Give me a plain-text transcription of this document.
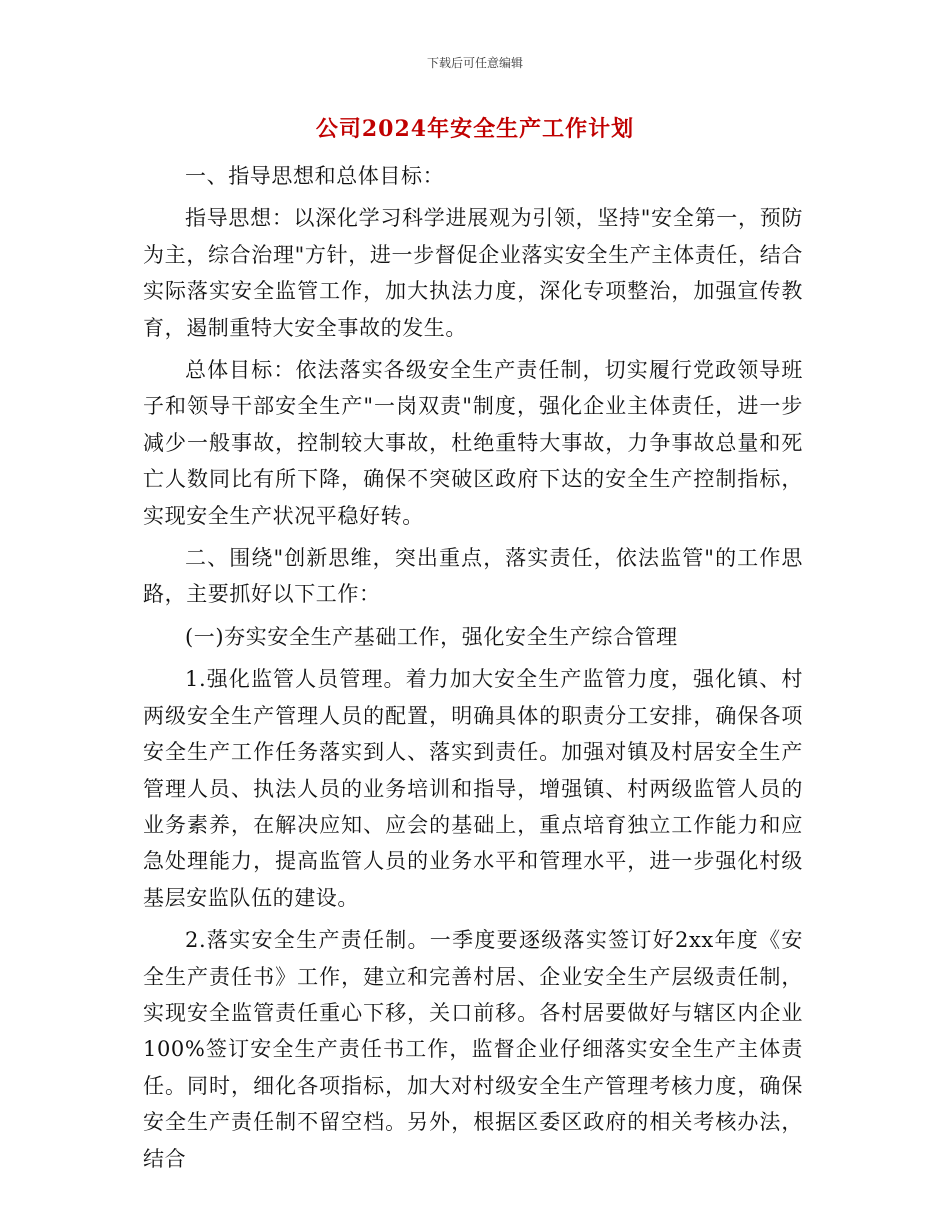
下载后可任意编辑
公司2024年安全生产工作计划

一、指导思想和总体目标：

指导思想：以深化学习科学进展观为引领，坚持"安全第一，预防为主，综合治理"方针，进一步督促企业落实安全生产主体责任，结合实际落实安全监管工作，加大执法力度，深化专项整治，加强宣传教育，遏制重特大安全事故的发生。

总体目标：依法落实各级安全生产责任制，切实履行党政领导班子和领导干部安全生产"一岗双责"制度，强化企业主体责任，进一步减少一般事故，控制较大事故，杜绝重特大事故，力争事故总量和死亡人数同比有所下降，确保不突破区政府下达的安全生产控制指标，实现安全生产状况平稳好转。

二、围绕"创新思维，突出重点，落实责任，依法监管"的工作思路，主要抓好以下工作：

(一)夯实安全生产基础工作，强化安全生产综合管理

1.强化监管人员管理。着力加大安全生产监管力度，强化镇、村两级安全生产管理人员的配置，明确具体的职责分工安排，确保各项安全生产工作任务落实到人、落实到责任。加强对镇及村居安全生产管理人员、执法人员的业务培训和指导，增强镇、村两级监管人员的业务素养，在解决应知、应会的基础上，重点培育独立工作能力和应急处理能力，提高监管人员的业务水平和管理水平，进一步强化村级基层安监队伍的建设。

2.落实安全生产责任制。一季度要逐级落实签订好2xx年度《安全生产责任书》工作，建立和完善村居、企业安全生产层级责任制，实现安全监管责任重心下移，关口前移。各村居要做好与辖区内企业100%签订安全生产责任书工作，监督企业仔细落实安全生产主体责任。同时，细化各项指标，加大对村级安全生产管理考核力度，确保安全生产责任制不留空档。另外，根据区委区政府的相关考核办法，结合
